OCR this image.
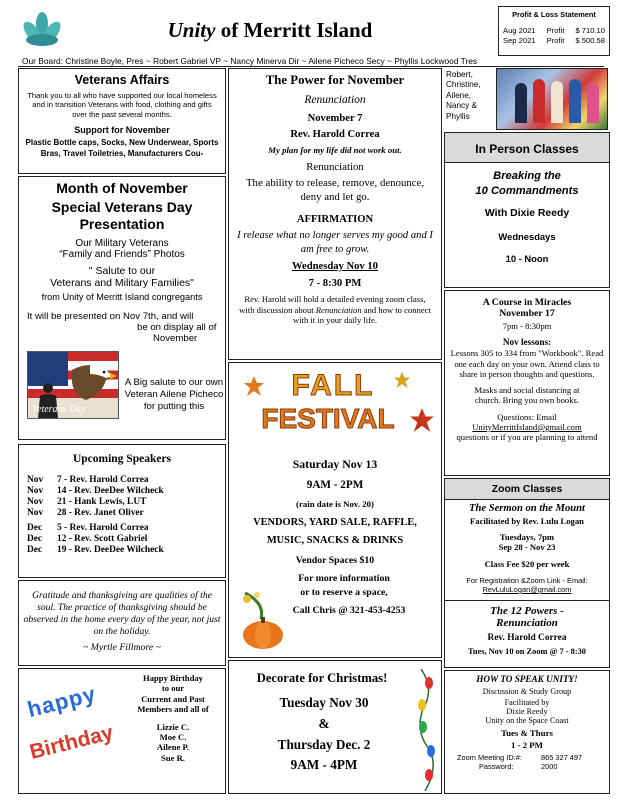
Unity of Merritt Island
Profit & Loss Statement
Aug 2021 Profit $ 710.10
Sep 2021 Profit $ 500.58
Our Board: Christine Boyle, Pres ~ Robert Gabriel VP ~ Nancy Minerva Dir ~ Ailene Picheco Secy ~ Phyllis Lockwood Tres
Veterans Affairs
Thank you to all who have supported our local homeless and in transition Veterans with food, clothing and gifts over the past several months.
Support for November
Plastic Bottle caps, Socks, New Underwear, Sports Bras, Travel Toiletries, Manufacturers Cou-
Month of November
Special Veterans Day
Presentation
Our Military Veterans
“Family and Friends” Photos
" Salute to our
Veterans and Military Families"
from Unity of Merritt Island congregants
It will be presented on Nov 7th, and will
be on display all of
November
Veterans Day
A Big salute to our own Veteran Ailene Picheco for putting this
Upcoming Speakers
Nov	7 - Rev. Harold Correa
Nov	14 - Rev. DeeDee Wilcheck
Nov	21 - Hank Lewis, LUT
Nov	28 - Rev. Janet Oliver
Dec	5 - Rev. Harold Correa
Dec	12 - Rev. Scott Gabriel
Dec	19 - Rev. DeeDee Wilcheck
Gratitude and thanksgiving are qualities of the soul. The practice of thanksgiving should be observed in the home every day of the year, not just on the holiday.
~ Myrtle Fillmore ~
happy
Birthday
Happy Birthday
to our
Current and Past
Members and all of
Lizzie C.
Moe C.
Ailene P.
Sue R.
The Power for November
Renunciation
November 7
Rev. Harold Correa
My plan for my life did not work out.
Renunciation
The ability to release, remove, denounce, deny and let go.
AFFIRMATION
I release what no longer serves my good and I am free to grow.
Wednesday Nov 10
7 - 8:30 PM
Rev. Harold will hold a detailed evening zoom class, with discussion about Renunciation and how to connect with it in your daily life.
FALL
FESTIVAL
Saturday Nov 13
9AM - 2PM
(rain date is Nov. 20)
VENDORS, YARD SALE, RAFFLE,
MUSIC, SNACKS & DRINKS
Vendor Spaces $10
For more information
or to reserve a space,
Call Chris @ 321-453-4253
Decorate for Christmas!
Tuesday Nov 30
&
Thursday Dec. 2
9AM - 4PM
Robert,
Christine,
Ailene,
Nancy &
Phyllis
In Person Classes
Breaking the
10 Commandments
With Dixie Reedy
Wednesdays
10 - Noon
A Course in Miracles
November 17
7pm - 8:30pm
Nov lessons:
Lessons 305 to 334 from "Workbook". Read one each day on your own. Attend class to share in person thoughts and questions.
Masks and social distancing at church. Bring you own books.
Questions: Email
UnityMerrittIsland@gmail.com
questions or if you are planning to attend
Zoom Classes
The Sermon on the Mount
Facilitated by Rev. Lulu Logan
Tuesdays, 7pm
Sep 28 - Nov 23
Class Fee $20 per week
For Registration &Zoom Link - Email:
RevLuluLogan@gmail.com
The 12 Powers -
Renunciation
Rev. Harold Correa
Tues, Nov 10 on Zoom @ 7 - 8:30
HOW TO SPEAK UNITY!
Discussion & Study Group
Facilitated by
Dixie Reedy
Unity on the Space Coast
Tues & Thurs
1 - 2 PM
Zoom Meeting ID:#:	865 327 497
Password:	2000
